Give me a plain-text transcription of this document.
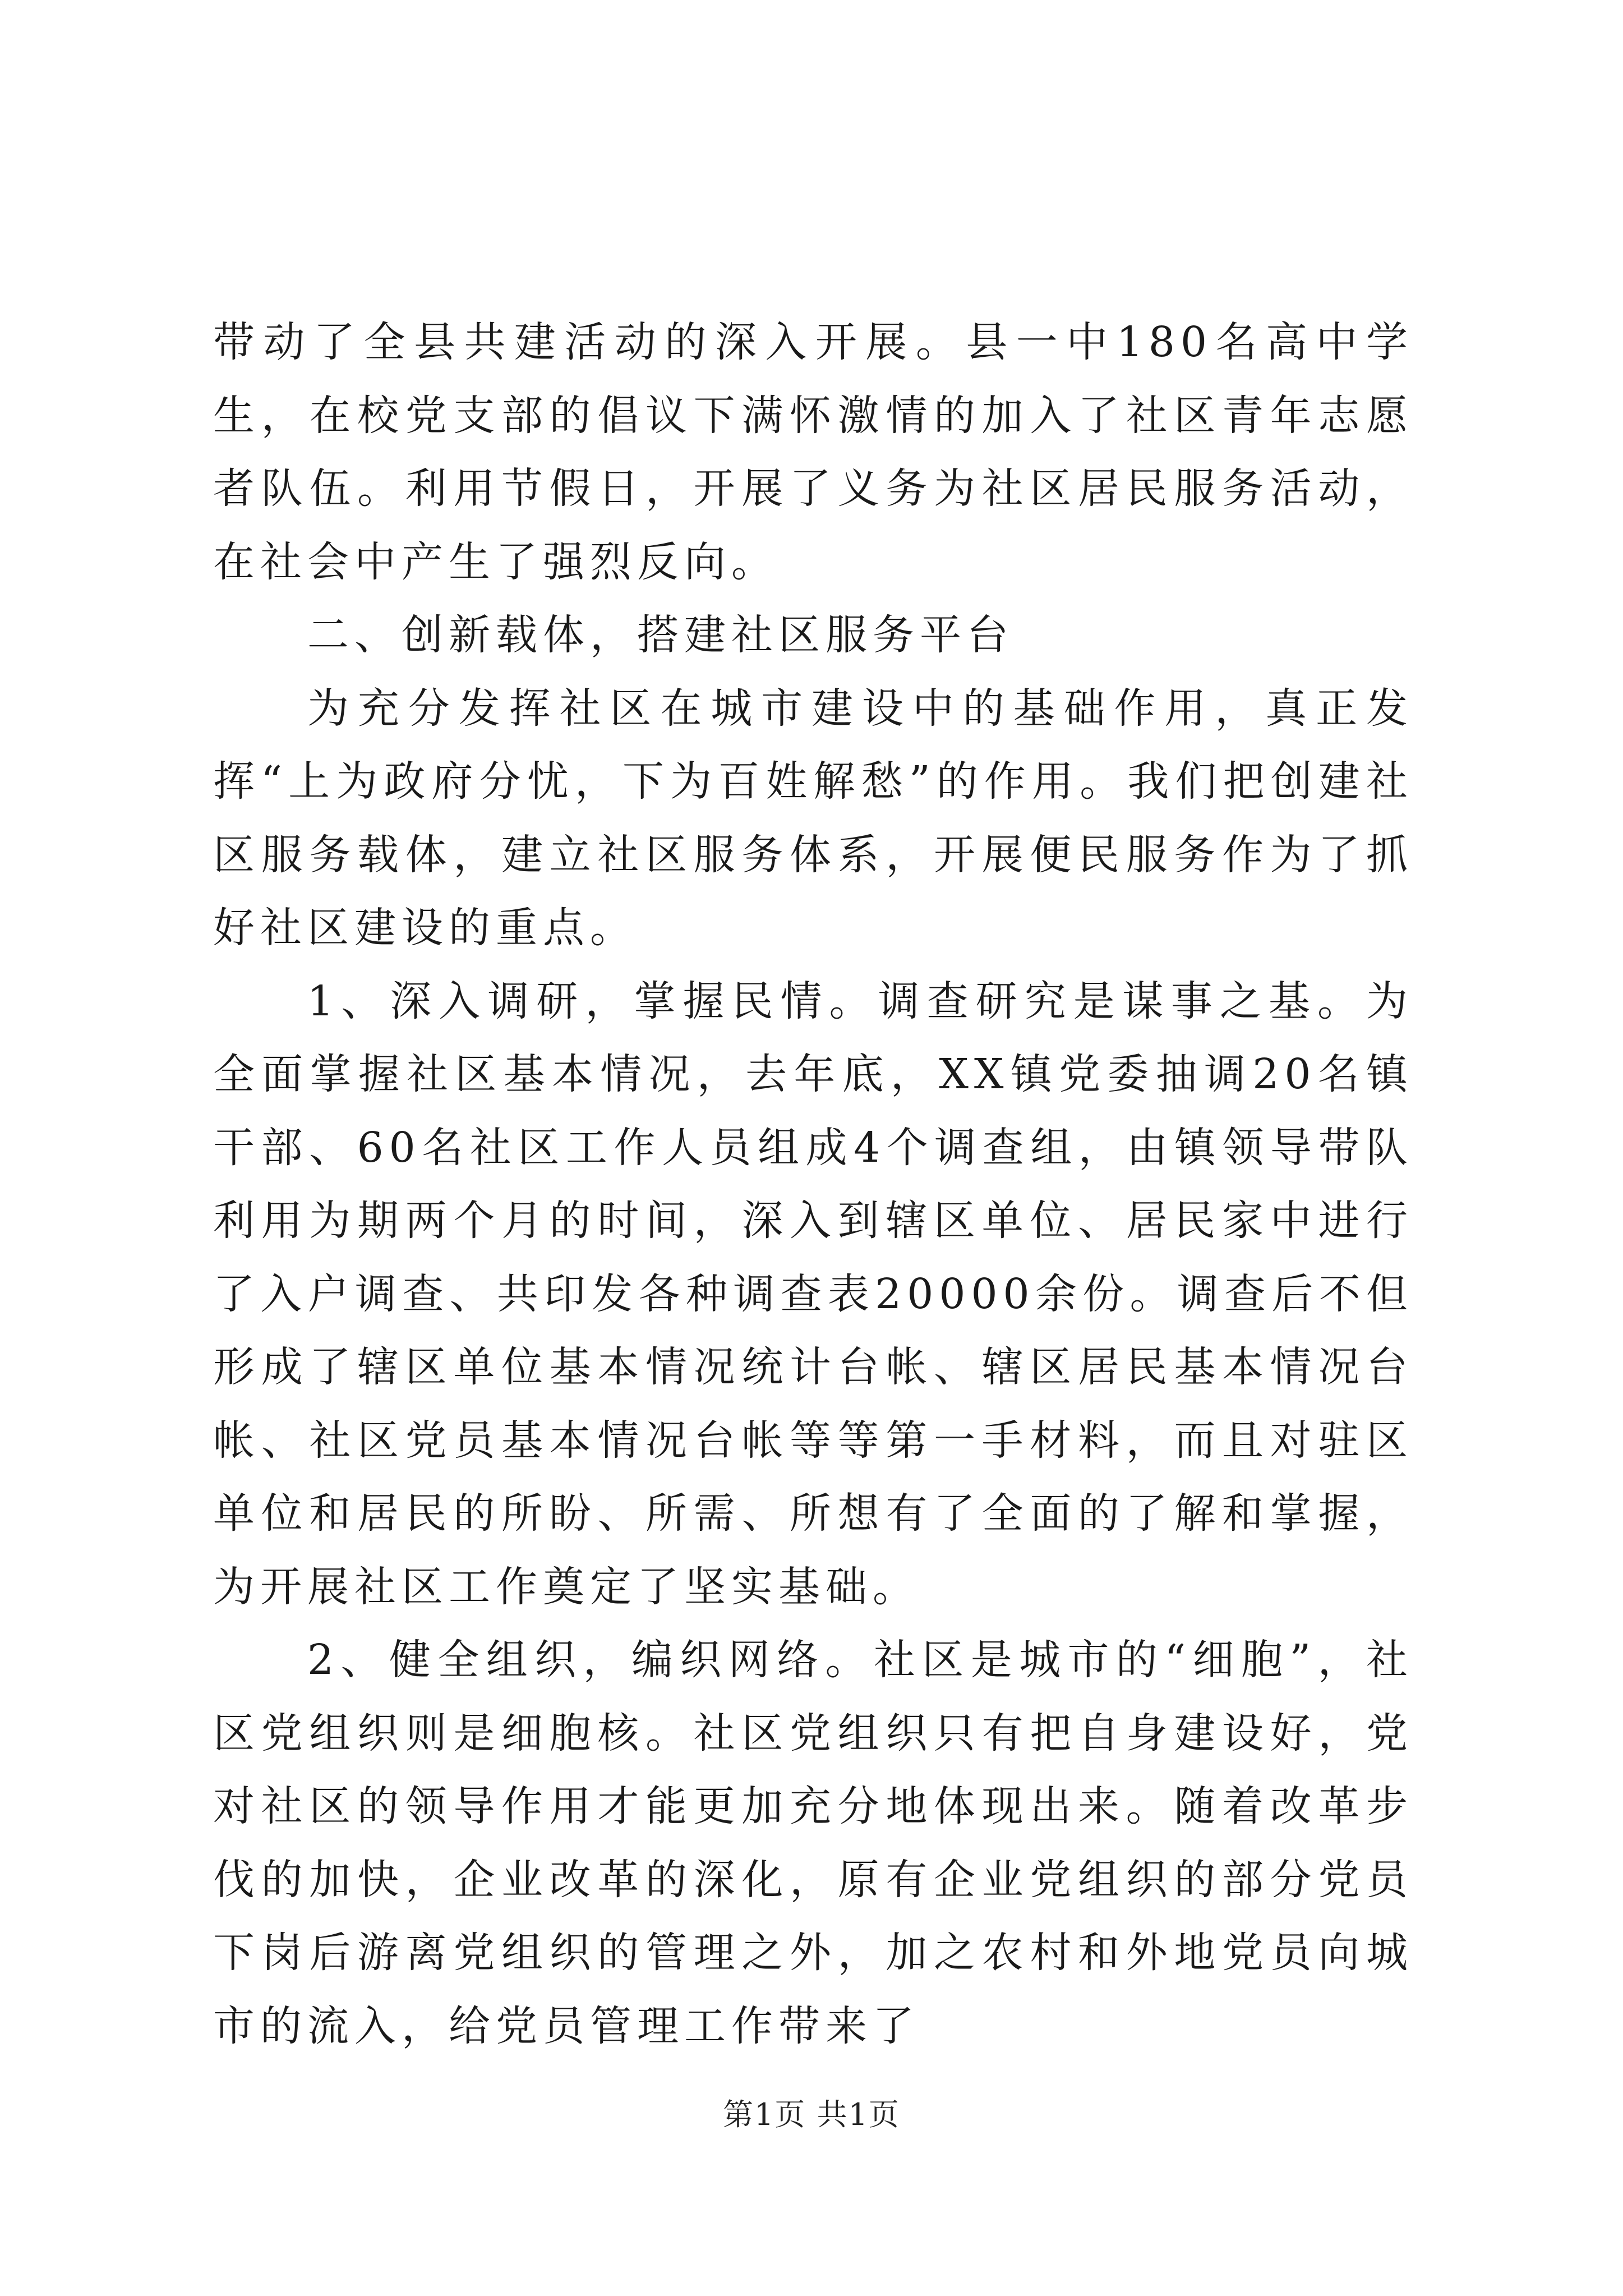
带动了全县共建活动的深入开展。县一中180名高中学生，在校党支部的倡议下满怀激情的加入了社区青年志愿者队伍。利用节假日，开展了义务为社区居民服务活动，在社会中产生了强烈反向。

二、创新载体，搭建社区服务平台

为充分发挥社区在城市建设中的基础作用，真正发挥“上为政府分忧，下为百姓解愁”的作用。我们把创建社区服务载体，建立社区服务体系，开展便民服务作为了抓好社区建设的重点。

1、深入调研，掌握民情。调查研究是谋事之基。为全面掌握社区基本情况，去年底，XX镇党委抽调20名镇干部、60名社区工作人员组成4个调查组，由镇领导带队利用为期两个月的时间，深入到辖区单位、居民家中进行了入户调查、共印发各种调查表20000余份。调查后不但形成了辖区单位基本情况统计台帐、辖区居民基本情况台帐、社区党员基本情况台帐等等第一手材料，而且对驻区单位和居民的所盼、所需、所想有了全面的了解和掌握，为开展社区工作奠定了坚实基础。

2、健全组织，编织网络。社区是城市的“细胞”，社区党组织则是细胞核。社区党组织只有把自身建设好，党对社区的领导作用才能更加充分地体现出来。随着改革步伐的加快，企业改革的深化，原有企业党组织的部分党员下岗后游离党组织的管理之外，加之农村和外地党员向城市的流入，给党员管理工作带来了

第1页 共1页
